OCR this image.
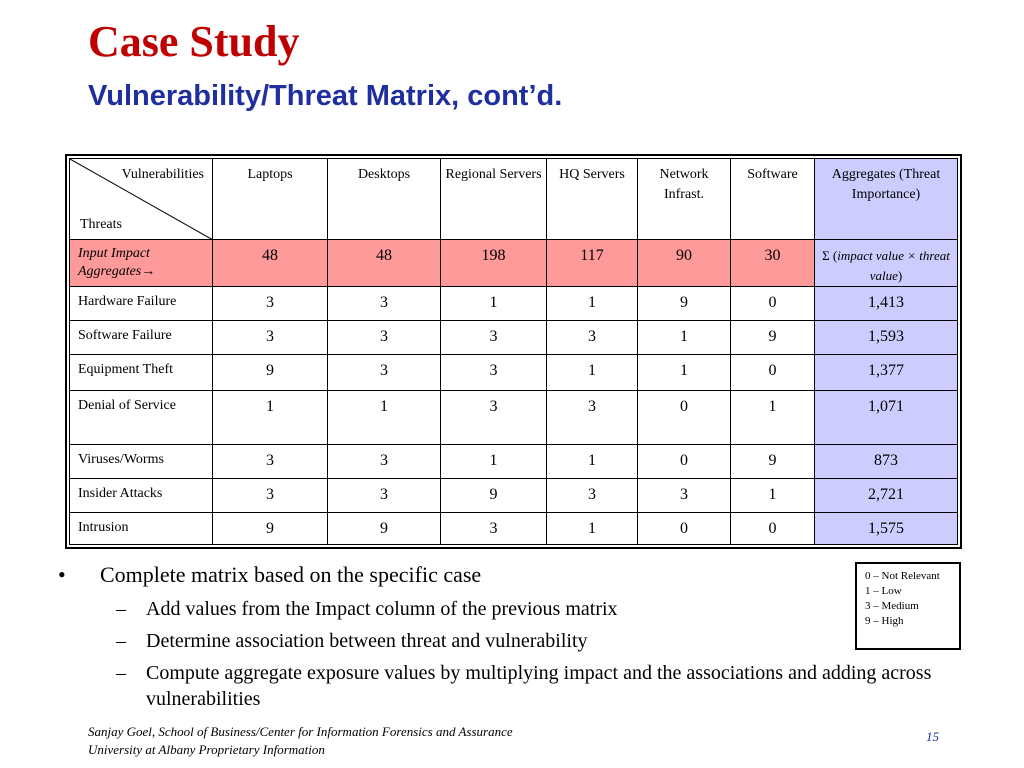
Case Study
Vulnerability/Threat Matrix, cont’d.
Vulnerabilities
Threats	Laptops	Desktops	Regional Servers	HQ Servers	Network Infrast.	Software	Aggregates (Threat Importance)
Input Impact Aggregates→	48	48	198	117	90	30	Σ (impact value × threat value)
Hardware Failure	3	3	1	1	9	0	1,413
Software Failure	3	3	3	3	1	9	1,593
Equipment Theft	9	3	3	1	1	0	1,377
Denial of Service	1	1	3	3	0	1	1,071
Viruses/Worms	3	3	1	1	0	9	873
Insider Attacks	3	3	9	3	3	1	2,721
Intrusion	9	9	3	1	0	0	1,575
• Complete matrix based on the specific case
– Add values from the Impact column of the previous matrix
– Determine association between threat and vulnerability
– Compute aggregate exposure values by multiplying impact and the associations and adding across vulnerabilities
0 – Not Relevant
1 – Low
3 – Medium
9 – High
Sanjay Goel, School of Business/Center for Information Forensics and Assurance
University at Albany Proprietary Information
15
